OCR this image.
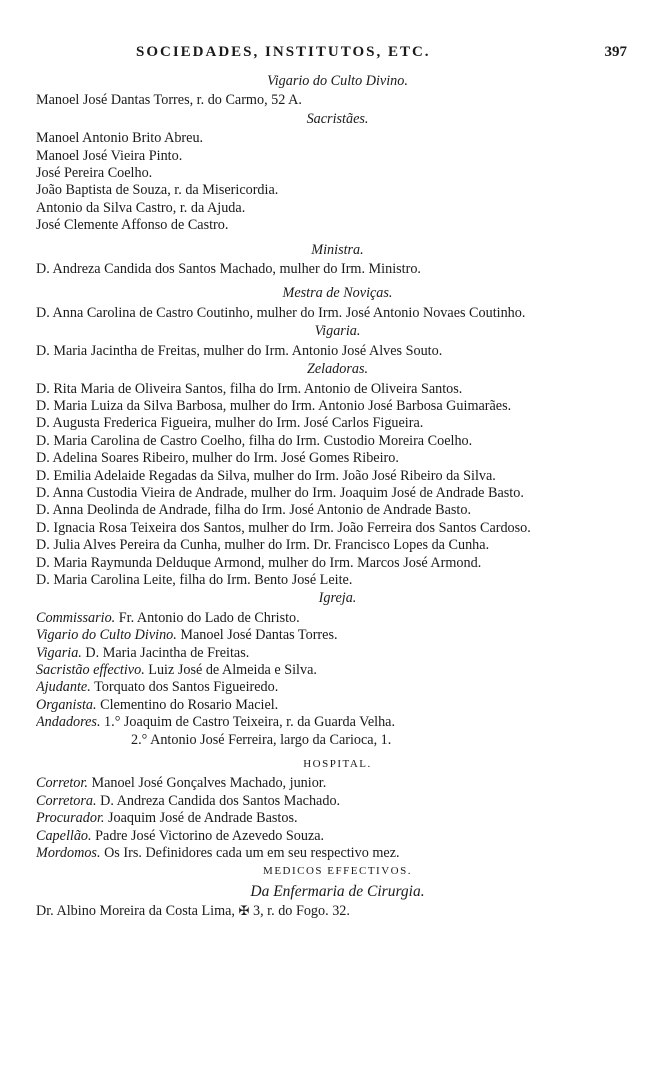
SOCIEDADES, INSTITUTOS, ETC.	397
Vigario do Culto Divino.
Manoel José Dantas Torres, r. do Carmo, 52 A.
Sacristães.
Manoel Antonio Brito Abreu.
Manoel José Vieira Pinto.
José Pereira Coelho.
João Baptista de Souza, r. da Misericordia.
Antonio da Silva Castro, r. da Ajuda.
José Clemente Affonso de Castro.
Ministra.
D. Andreza Candida dos Santos Machado, mulher do Irm. Ministro.
Mestra de Noviças.
D. Anna Carolina de Castro Coutinho, mulher do Irm. José Antonio Novaes Coutinho.
Vigaria.
D. Maria Jacintha de Freitas, mulher do Irm. Antonio José Alves Souto.
Zeladoras.
D. Rita Maria de Oliveira Santos, filha do Irm. Antonio de Oliveira Santos.
D. Maria Luiza da Silva Barbosa, mulher do Irm. Antonio José Barbosa Guimarães.
D. Augusta Frederica Figueira, mulher do Irm. José Carlos Figueira.
D. Maria Carolina de Castro Coelho, filha do Irm. Custodio Moreira Coelho.
D. Adelina Soares Ribeiro, mulher do Irm. José Gomes Ribeiro.
D. Emilia Adelaide Regadas da Silva, mulher do Irm. João José Ribeiro da Silva.
D. Anna Custodia Vieira de Andrade, mulher do Irm. Joaquim José de Andrade Basto.
D. Anna Deolinda de Andrade, filha do Irm. José Antonio de Andrade Basto.
D. Ignacia Rosa Teixeira dos Santos, mulher do Irm. João Ferreira dos Santos Cardoso.
D. Julia Alves Pereira da Cunha, mulher do Irm. Dr. Francisco Lopes da Cunha.
D. Maria Raymunda Delduque Armond, mulher do Irm. Marcos José Armond.
D. Maria Carolina Leite, filha do Irm. Bento José Leite.
Igreja.
Commissario. Fr. Antonio do Lado de Christo.
Vigario do Culto Divino. Manoel José Dantas Torres.
Vigaria. D. Maria Jacintha de Freitas.
Sacristão effectivo. Luiz José de Almeida e Silva.
Ajudante. Torquato dos Santos Figueiredo.
Organista. Clementino do Rosario Maciel.
Andadores. 1.° Joaquim de Castro Teixeira, r. da Guarda Velha.
2.° Antonio José Ferreira, largo da Carioca, 1.
HOSPITAL.
Corretor. Manoel José Gonçalves Machado, junior.
Corretora. D. Andreza Candida dos Santos Machado.
Procurador. Joaquim José de Andrade Bastos.
Capellão. Padre José Victorino de Azevedo Souza.
Mordomos. Os Irs. Definidores cada um em seu respectivo mez.
MEDICOS EFFECTIVOS.
Da Enfermaria de Cirurgia.
Dr. Albino Moreira da Costa Lima, ✠ 3, r. do Fogo. 32.
